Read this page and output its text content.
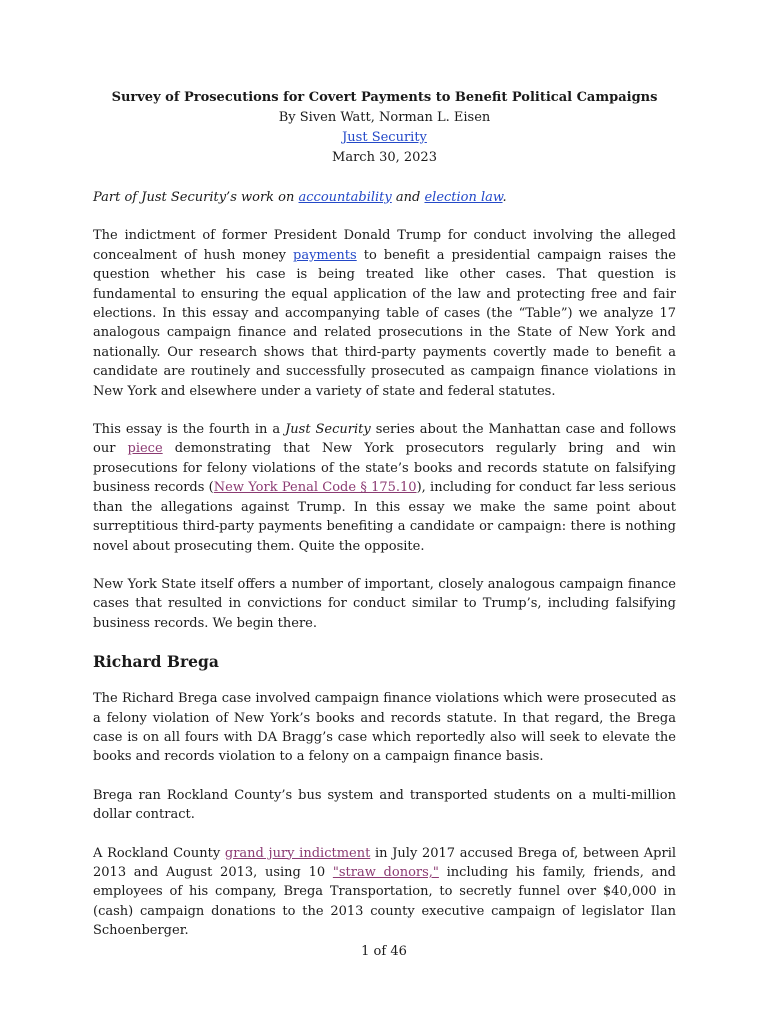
Survey of Prosecutions for Covert Payments to Benefit Political Campaigns
By Siven Watt, Norman L. Eisen
Just Security
March 30, 2023

Part of Just Security’s work on accountability and election law.

The indictment of former President Donald Trump for conduct involving the alleged concealment of hush money payments to benefit a presidential campaign raises the question whether his case is being treated like other cases. That question is fundamental to ensuring the equal application of the law and protecting free and fair elections. In this essay and accompanying table of cases (the “Table”) we analyze 17 analogous campaign finance and related prosecutions in the State of New York and nationally. Our research shows that third-party payments covertly made to benefit a candidate are routinely and successfully prosecuted as campaign finance violations in New York and elsewhere under a variety of state and federal statutes.

This essay is the fourth in a Just Security series about the Manhattan case and follows our piece demonstrating that New York prosecutors regularly bring and win prosecutions for felony violations of the state’s books and records statute on falsifying business records (New York Penal Code § 175.10), including for conduct far less serious than the allegations against Trump. In this essay we make the same point about surreptitious third-party payments benefiting a candidate or campaign: there is nothing novel about prosecuting them. Quite the opposite.

New York State itself offers a number of important, closely analogous campaign finance cases that resulted in convictions for conduct similar to Trump’s, including falsifying business records. We begin there.

Richard Brega

The Richard Brega case involved campaign finance violations which were prosecuted as a felony violation of New York’s books and records statute. In that regard, the Brega case is on all fours with DA Bragg’s case which reportedly also will seek to elevate the books and records violation to a felony on a campaign finance basis.

Brega ran Rockland County’s bus system and transported students on a multi-million dollar contract.

A Rockland County grand jury indictment in July 2017 accused Brega of, between April 2013 and August 2013, using 10 "straw donors," including his family, friends, and employees of his company, Brega Transportation, to secretly funnel over $40,000 in (cash) campaign donations to the 2013 county executive campaign of legislator Ilan Schoenberger.

1 of 46
